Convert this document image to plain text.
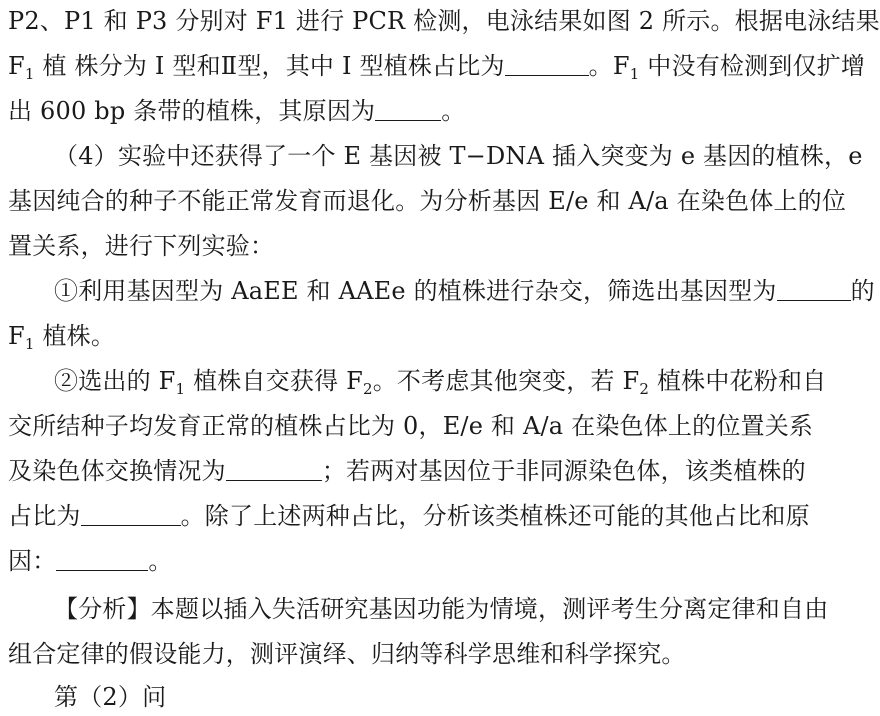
P2、P1 和 P3 分别对 F1 进行 PCR 检测，电泳结果如图 2 所示。根据电泳结果
$F_1$ 植 株分为 I 型和Ⅱ型，其中 I 型植株占比为	。$F_1$ 中没有检测到仅扩增
出 600 bp 条带的植株，其原因为	。
（4）实验中还获得了一个 E 基因被 T−DNA 插入突变为 e 基因的植株，e
基因纯合的种子不能正常发育而退化。为分析基因 E/e 和 A/a 在染色体上的位
置关系，进行下列实验：
①利用基因型为 AaEE 和 AAEe 的植株进行杂交，筛选出基因型为	的
$F_1$ 植株。
②选出的 $F_1$ 植株自交获得 $F_2$。不考虑其他突变，若 $F_2$ 植株中花粉和自
交所结种子均发育正常的植株占比为 0，E/e 和 A/a 在染色体上的位置关系
及染色体交换情况为	；若两对基因位于非同源染色体，该类植株的
占比为	。除了上述两种占比，分析该类植株还可能的其他占比和原
因：	。
【分析】本题以插入失活研究基因功能为情境，测评考生分离定律和自由
组合定律的假设能力，测评演绎、归纳等科学思维和科学探究。
第（2）问
